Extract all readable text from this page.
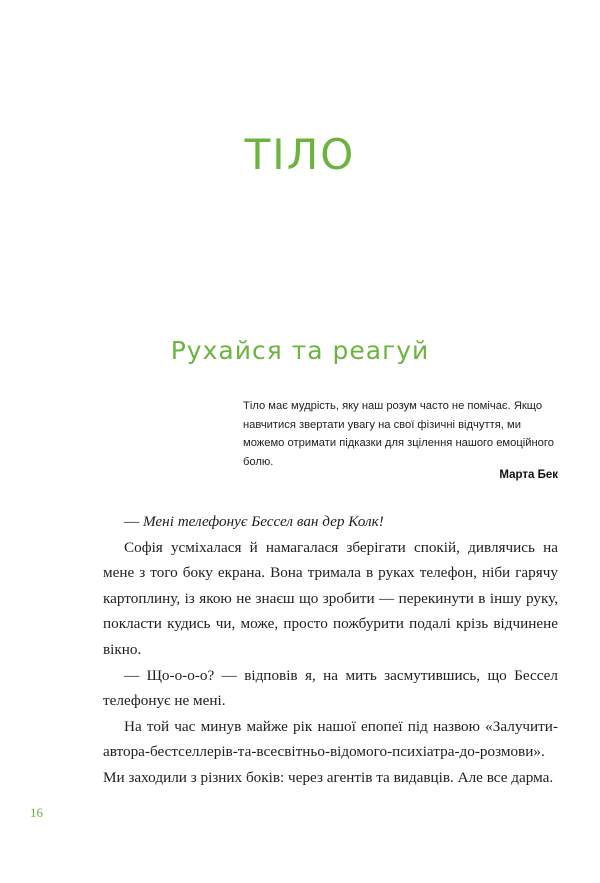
ТІЛО
Рухайся та реагуй
Тіло має мудрість, яку наш розум часто не помічає. Якщо навчитися звертати увагу на свої фізичні відчуття, ми можемо отримати підказки для зцілення нашого емоційного болю.
Марта Бек

— Мені телефонує Бессел ван дер Колк!

Софія усміхалася й намагалася зберігати спокій, дивлячись на мене з того боку екрана. Вона тримала в руках телефон, ніби гарячу картоплину, із якою не знаєш що зробити — перекинути в іншу руку, покласти кудись чи, може, просто пожбурити подалі крізь відчинене вікно.

— Що-о-о-о? — відповів я, на мить засмутившись, що Бессел телефонує не мені.

На той час минув майже рік нашої епопеї під назвою «Залучити-автора-бестселлерів-та-всесвітньо-відомого-психіатра-до-розмови». Ми заходили з різних боків: через агентів та видавців. Але все дарма.

16
